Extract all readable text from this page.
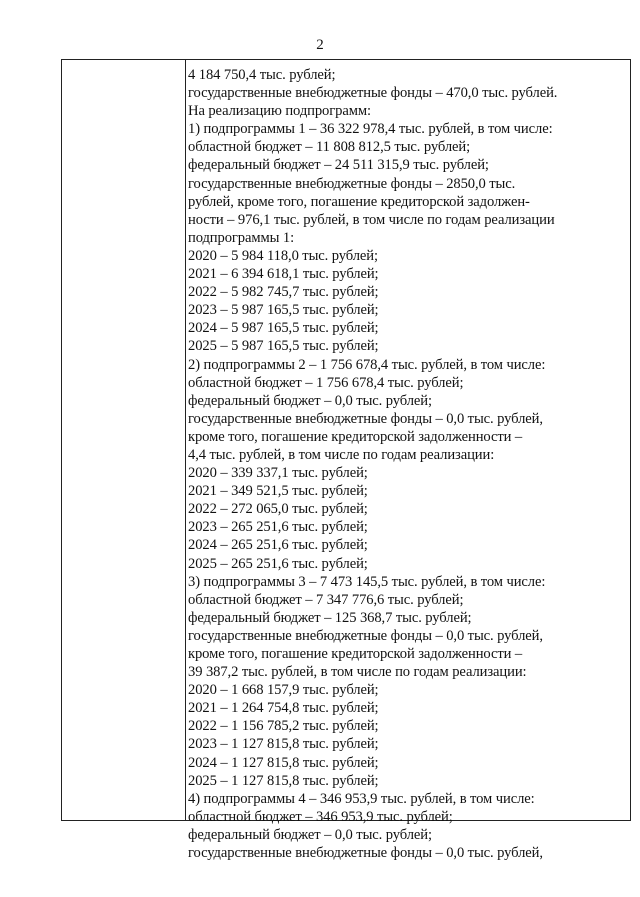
2
4 184 750,4 тыс. рублей;
государственные внебюджетные фонды – 470,0 тыс. рублей.
На реализацию подпрограмм:
1) подпрограммы 1 – 36 322 978,4 тыс. рублей, в том числе:
областной бюджет – 11 808 812,5 тыс. рублей;
федеральный бюджет – 24 511 315,9 тыс. рублей;
государственные внебюджетные фонды – 2850,0 тыс.
рублей, кроме того, погашение кредиторской задолжен-
ности – 976,1 тыс. рублей, в том числе по годам реализации
подпрограммы 1:
2020 – 5 984 118,0 тыс. рублей;
2021 – 6 394 618,1 тыс. рублей;
2022 – 5 982 745,7 тыс. рублей;
2023 – 5 987 165,5 тыс. рублей;
2024 – 5 987 165,5 тыс. рублей;
2025 – 5 987 165,5 тыс. рублей;
2) подпрограммы 2 – 1 756 678,4 тыс. рублей, в том числе:
областной бюджет – 1 756 678,4 тыс. рублей;
федеральный бюджет – 0,0 тыс. рублей;
государственные внебюджетные фонды – 0,0 тыс. рублей,
кроме того, погашение кредиторской задолженности –
4,4 тыс. рублей, в том числе по годам реализации:
2020 – 339 337,1 тыс. рублей;
2021 – 349 521,5 тыс. рублей;
2022 – 272 065,0 тыс. рублей;
2023 – 265 251,6 тыс. рублей;
2024 – 265 251,6 тыс. рублей;
2025 – 265 251,6 тыс. рублей;
3) подпрограммы 3 – 7 473 145,5 тыс. рублей, в том числе:
областной бюджет – 7 347 776,6 тыс. рублей;
федеральный бюджет – 125 368,7 тыс. рублей;
государственные внебюджетные фонды – 0,0 тыс. рублей,
кроме того, погашение кредиторской задолженности –
39 387,2 тыс. рублей, в том числе по годам реализации:
2020 – 1 668 157,9 тыс. рублей;
2021 – 1 264 754,8 тыс. рублей;
2022 – 1 156 785,2 тыс. рублей;
2023 – 1 127 815,8 тыс. рублей;
2024 – 1 127 815,8 тыс. рублей;
2025 – 1 127 815,8 тыс. рублей;
4) подпрограммы 4 – 346 953,9 тыс. рублей, в том числе:
областной бюджет – 346 953,9 тыс. рублей;
федеральный бюджет – 0,0 тыс. рублей;
государственные внебюджетные фонды – 0,0 тыс. рублей,
